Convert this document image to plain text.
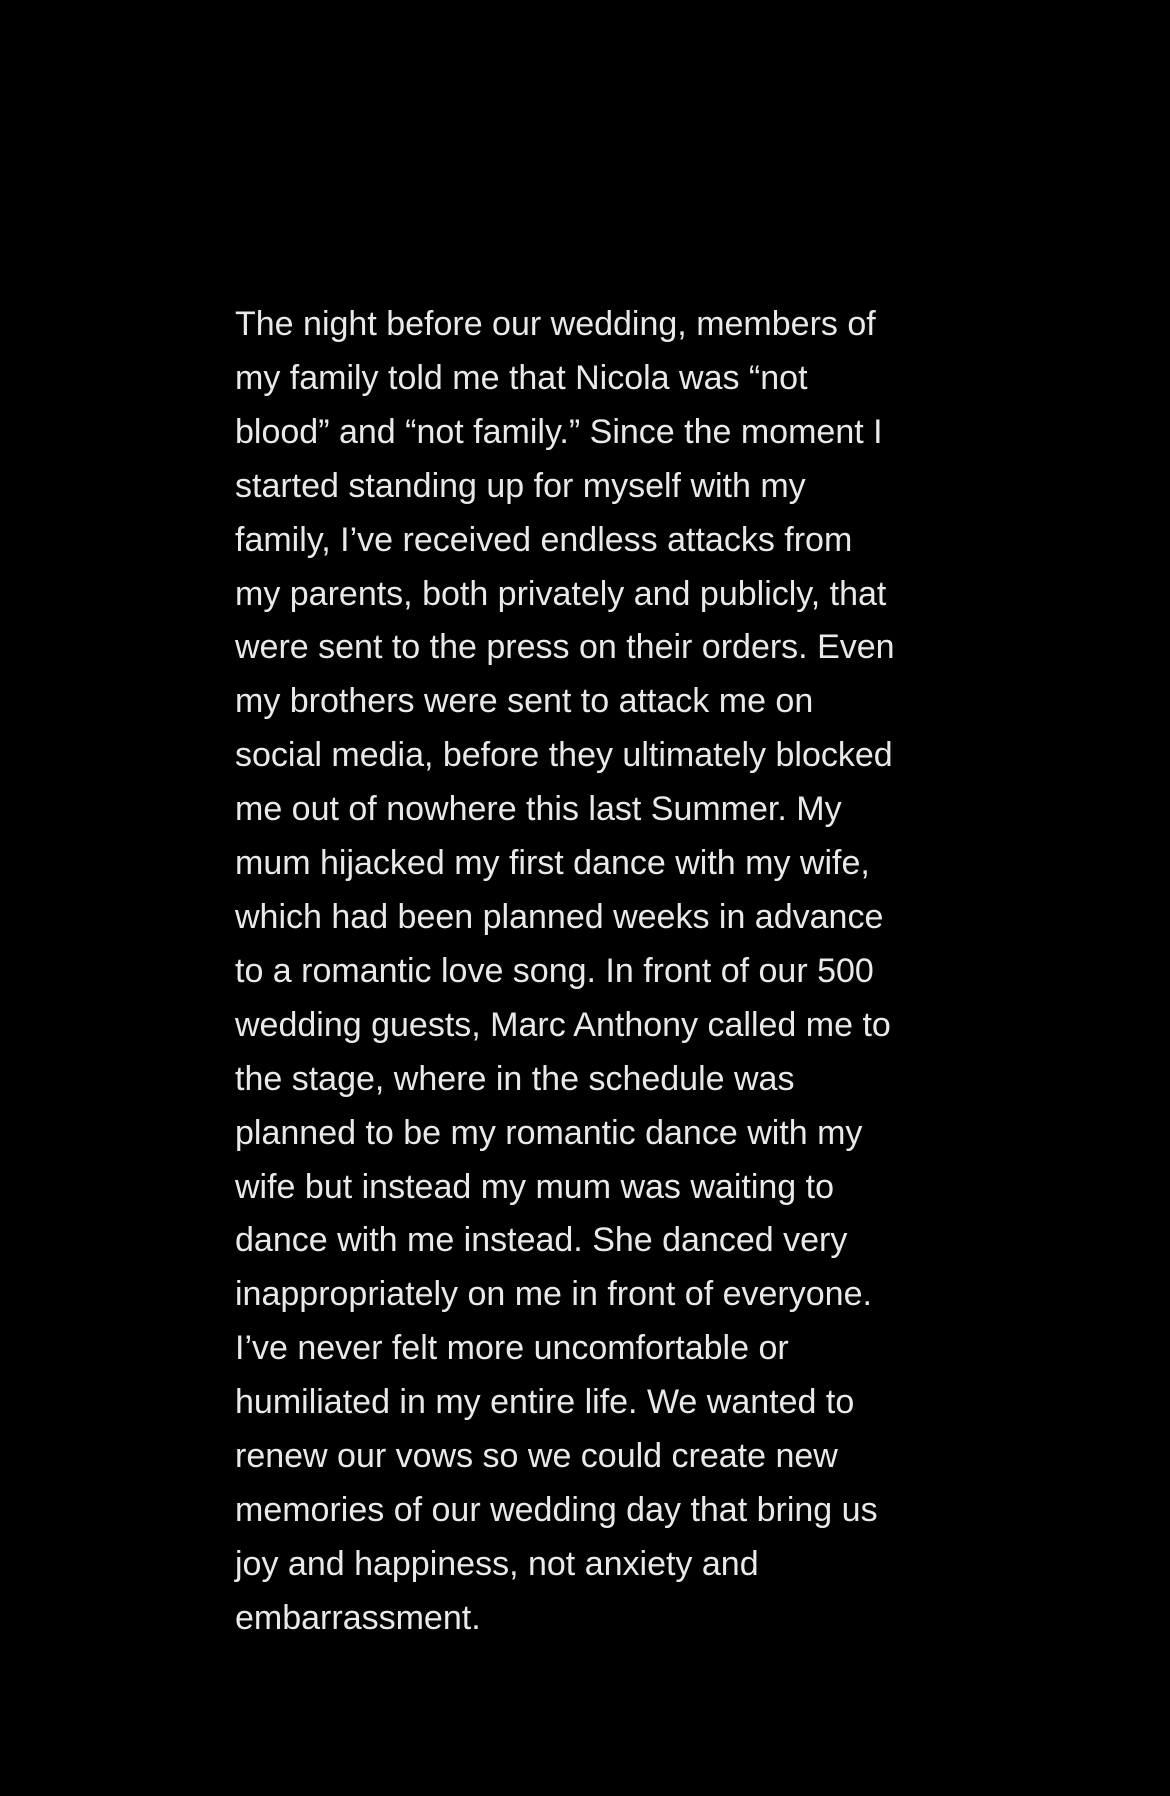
The night before our wedding, members of
my family told me that Nicola was “not
blood” and “not family.” Since the moment I
started standing up for myself with my
family, I’ve received endless attacks from
my parents, both privately and publicly, that
were sent to the press on their orders. Even
my brothers were sent to attack me on
social media, before they ultimately blocked
me out of nowhere this last Summer. My
mum hijacked my first dance with my wife,
which had been planned weeks in advance
to a romantic love song. In front of our 500
wedding guests, Marc Anthony called me to
the stage, where in the schedule was
planned to be my romantic dance with my
wife but instead my mum was waiting to
dance with me instead. She danced very
inappropriately on me in front of everyone.
I’ve never felt more uncomfortable or
humiliated in my entire life. We wanted to
renew our vows so we could create new
memories of our wedding day that bring us
joy and happiness, not anxiety and
embarrassment.
